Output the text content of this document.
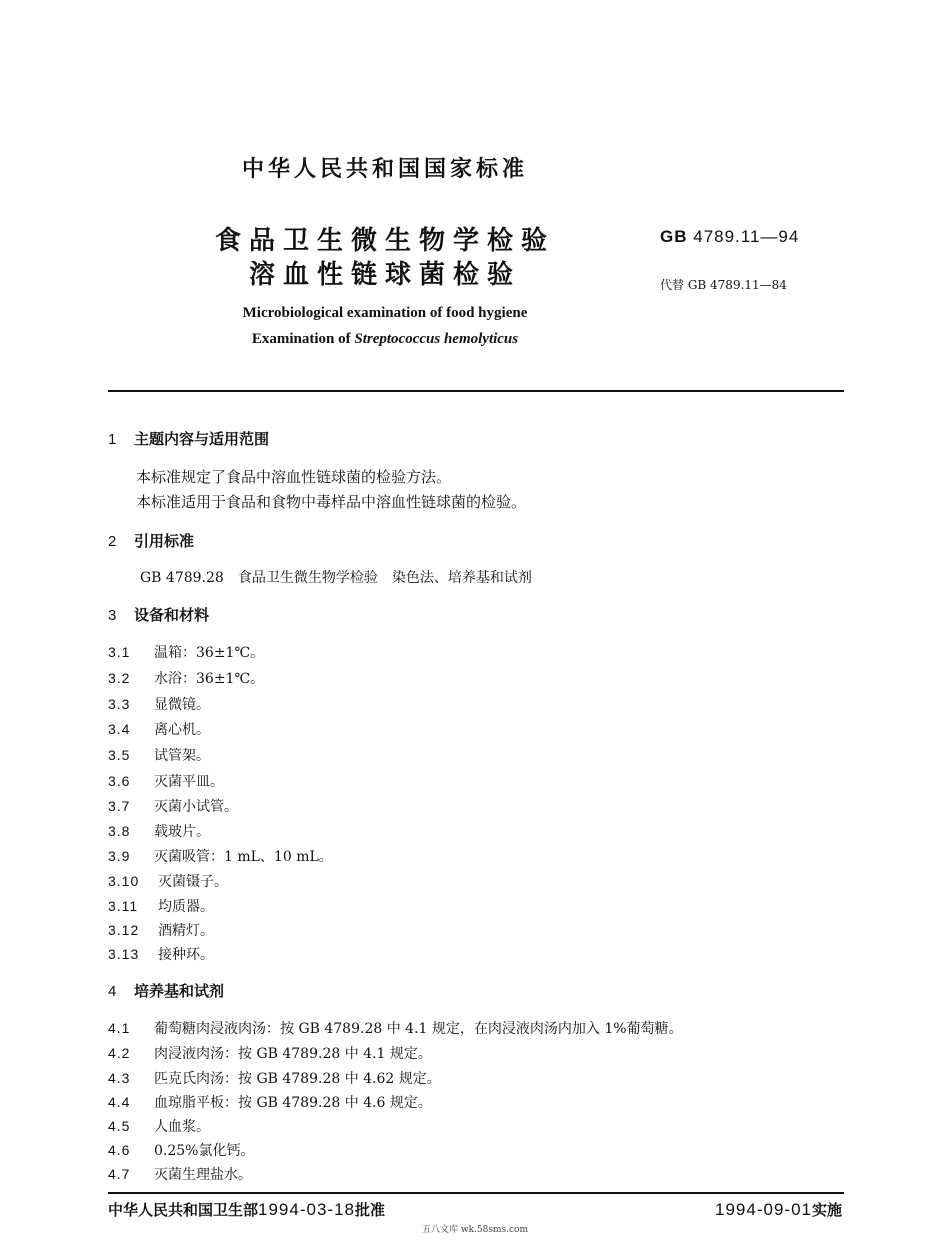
中华人民共和国国家标准
食品卫生微生物学检验
溶血性链球菌检验
Microbiological examination of food hygiene
Examination of Streptococcus hemolyticus
GB 4789.11—94
代替 GB 4789.11—84
1 主题内容与适用范围
本标准规定了食品中溶血性链球菌的检验方法。
本标准适用于食品和食物中毒样品中溶血性链球菌的检验。
2 引用标准
GB 4789.28　食品卫生微生物学检验　染色法、培养基和试剂
3 设备和材料
3.1 温箱：36±1℃。
3.2 水浴：36±1℃。
3.3 显微镜。
3.4 离心机。
3.5 试管架。
3.6 灭菌平皿。
3.7 灭菌小试管。
3.8 载玻片。
3.9 灭菌吸管：1 mL、10 mL。
3.10 灭菌镊子。
3.11 均质器。
3.12 酒精灯。
3.13 接种环。
4 培养基和试剂
4.1 葡萄糖肉浸液肉汤：按 GB 4789.28 中 4.1 规定，在肉浸液肉汤内加入 1%葡萄糖。
4.2 肉浸液肉汤：按 GB 4789.28 中 4.1 规定。
4.3 匹克氏肉汤：按 GB 4789.28 中 4.62 规定。
4.4 血琼脂平板：按 GB 4789.28 中 4.6 规定。
4.5 人血浆。
4.6 0.25%氯化钙。
4.7 灭菌生理盐水。
中华人民共和国卫生部1994-03-18批准	1994-09-01实施
五八文库 wk.58sms.com
